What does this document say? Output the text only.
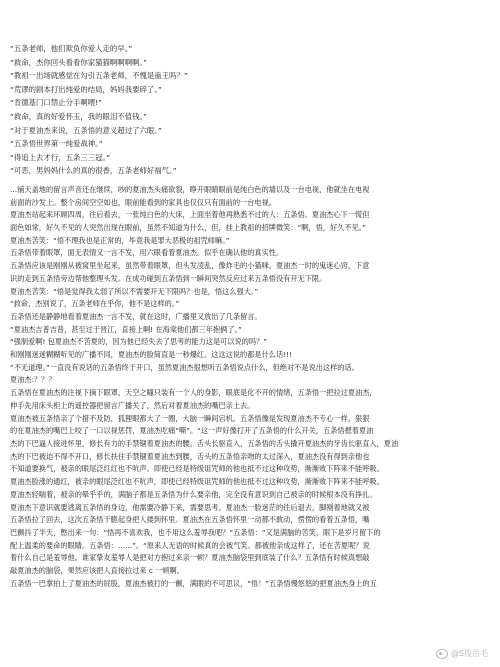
“五条老师，他们欺负你爱人走的早。”
“救命，杰你回头看看你家猫猫啊啊啊啊。”
“教祖一出场就感觉在勾引五条老师，不愧是蛊王吗？”
“荒谬的剧本打出纯爱的结局，妈妈我要碎了。”
“肯德基门口禁止分手啊喂!”
“救命，真的好爱怀玉，我的眼泪不值钱。”
“对于夏油杰来说，五条悟的意义超过了六眼。”
“五条悟世界第一纯爱战神。”
“得追上去才行，五条三三冠。”
“可恶，男妈妈什么的真的很香，五条老师好福气。”
…铺天盖地的留言声音还在继续，吵的夏油杰头痛欲裂，睁开眼睛眼前是纯白色的墙以及一台电视，他就坐在电视
前面的沙发上。整个房间空空如也，眼前能看到的家具也仅仅只有面前的一台电视。
夏油杰站起来环顾四周，往后看去，一张纯白色的大床，上面坐着他再熟悉不过的人：五条悟。夏油杰心下一慌但
面色如常，好久不见的人突然出现在眼前，虽然不知道为什么，但，挂上教祖的招牌微笑：“啊，悟，好久不见。”
夏油杰苦笑：“悟不理我也是正常的，毕竟我是罪大恶极的祖咒师嘛。”
五条悟带着眼罩，面无表情又一言不发，用六眼看着夏油杰。似乎在确认他的真实性。
五条悟应该是刚刚从被窝里坐起来，虽然带着眼罩，但头发凌乱，像炸毛的小猫咪。夏油杰一时的鬼迷心窍，下意
识的走到五条悟旁边帮他整理头发。在成功碰到五条悟到一瞬间突然反应过来五条悟没有开无下限。
夏油杰苦笑：“悟是觉得我太弱了所以不需要开无下限吗？也是，悟这么强大。”
“救命，杰别说了，五条老师在乎你，他不是这样的。”
五条悟还是静静地看着夏油杰一言不发，就在这时，广播里又放出了几条留言。
“夏油杰吉普吉普，甚至过于晋江，直接上啊! 在海棠他们都三年抱俩了。”
“强制爱啊! 包夏油杰不苦夏的，因为他已经失去了思考的能力这是可以说的吗？”
和刚刚迷迷糊糊听见的广播不同，夏油杰的脸简直是一秒爆红。这这这说的都是什么话!!!
“不无道理。”一直没有说话的五条悟终于开口，虽然夏油杰很想听五条悟说点什么，但绝对不是说出这样的话。
夏油杰:？？？
五条悟在夏油杰的注视下摘下眼罩，天空之瞳只装有一个人的身影，眼底是化不开的情绪，五条悟一把拉过夏油杰，
伸手先用床头柜上的遥控器把留言广播关了，然后对着夏油杰的嘴巴亲上去。
夏油杰被五条悟亲了个措不及防，狐狸眼都大了一圈，大脑一瞬间宕机。五条悟像是发现夏油杰不专心一样，狠狠
的在夏油杰的嘴巴上咬了一口以视惩罚，夏油杰吃痛“嘶”。“这一声好像打开了五条悟的什么开关，五条悟摁着夏油
杰的下巴逼人接进怀里，修长有力的手禁锢着夏油杰的腰，舌头长驱直入，五条悟的舌头撬开夏油杰的牙齿长驱直入，夏油
杰的下巴被迫不得不开口，修长扶住手禁锢着夏油杰到腰，舌头的五条悟亲吻的太过深入，夏油杰没有得到亲他也
不知道要换气，被亲的眼尾泛红红也不吭声。即使已经是特级诅咒师的他也抵不过这种攻势，渐渐败下阵来不能呼吸。
夏油杰脸涨的通红，被亲的眼尾泛红也不吭声，即使已经特级诅咒师的他也抵不过这种攻势，渐渐败下阵来不能呼吸。
夏油杰轻喘着，被亲的晕乎乎的，满脑子都是五条悟为什么要亲他，完全没有意识到自己被亲的时候根本没有挣扎。
夏油杰下意识就要逃离五条悟的身边，他需要冷静下来，需要思考。夏油杰一脸迷茫的往后退去，脚刚着地就又被
五条悟拉了回去，这次五条悟干脆起身把人搂到怀里。夏油杰在五条悟怀里一动都不敢动，愣愣的看着五条悟，嘴
巴颤抖了半天，憋出来一句：“悟再不喜欢我，也不用这么羞辱我吧？”五条悟：“又是满脑的苦笑，眼下是岁月留下的
配上温柔的要命的眼睛。五条悟：……”。“原来人无语的时候真的会被气笑。都被他亲成这样了，还在苦夏呢？说
着什么自己是羞辱他。谁家挚友羞辱人是把对方抱过来亲一顿？夏油杰脑袋里到底装了什么？五条悟有时候真想敲
敲夏油杰的脑袋，果然应该把人直接拉过来 c 一顿啊。
五条悟一巴掌拍上了夏油杰的屁股，夏油杰被打的一颤，满眼的不可思议，“悟！”五条悟慢悠悠的把夏油杰身上的五
@S俊岳毛
